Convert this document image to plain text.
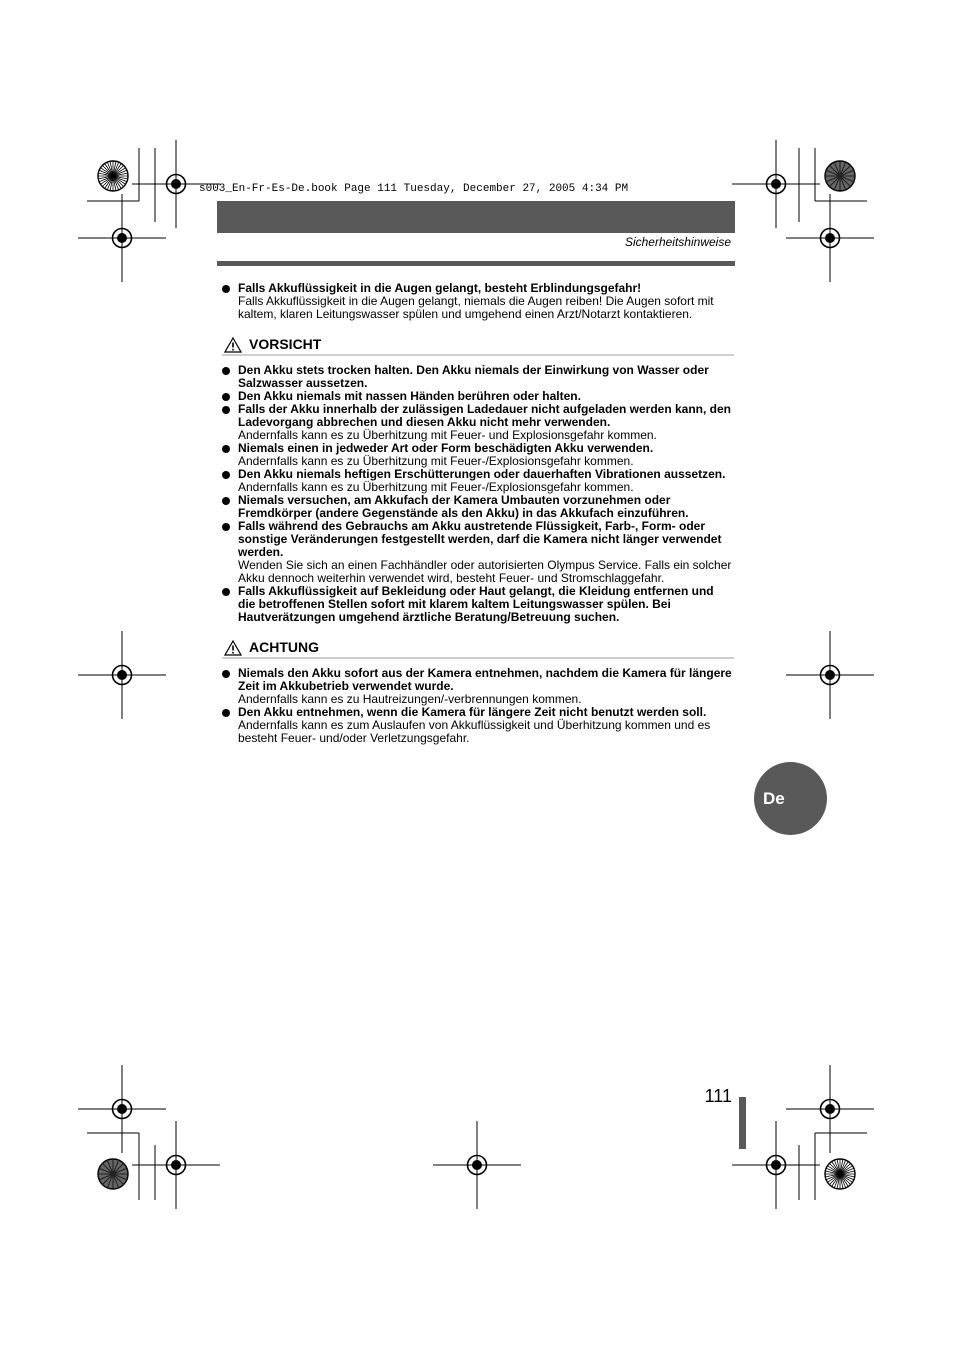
s003_En-Fr-Es-De.book Page 111 Tuesday, December 27, 2005 4:34 PM
Sicherheitshinweise
Falls Akkuflüssigkeit in die Augen gelangt, besteht Erblindungsgefahr!
Falls Akkuflüssigkeit in die Augen gelangt, niemals die Augen reiben! Die Augen sofort mit kaltem, klaren Leitungswasser spülen und umgehend einen Arzt/Notarzt kontaktieren.
VORSICHT
Den Akku stets trocken halten. Den Akku niemals der Einwirkung von Wasser oder Salzwasser aussetzen.
Den Akku niemals mit nassen Händen berühren oder halten.
Falls der Akku innerhalb der zulässigen Ladedauer nicht aufgeladen werden kann, den Ladevorgang abbrechen und diesen Akku nicht mehr verwenden.
Andernfalls kann es zu Überhitzung mit Feuer- und Explosionsgefahr kommen.
Niemals einen in jedweder Art oder Form beschädigten Akku verwenden.
Andernfalls kann es zu Überhitzung mit Feuer-/Explosionsgefahr kommen.
Den Akku niemals heftigen Erschütterungen oder dauerhaften Vibrationen aussetzen.
Andernfalls kann es zu Überhitzung mit Feuer-/Explosionsgefahr kommen.
Niemals versuchen, am Akkufach der Kamera Umbauten vorzunehmen oder Fremdkörper (andere Gegenstände als den Akku) in das Akkufach einzuführen.
Falls während des Gebrauchs am Akku austretende Flüssigkeit, Farb-, Form- oder sonstige Veränderungen festgestellt werden, darf die Kamera nicht länger verwendet werden.
Wenden Sie sich an einen Fachhändler oder autorisierten Olympus Service. Falls ein solcher Akku dennoch weiterhin verwendet wird, besteht Feuer- und Stromschlaggefahr.
Falls Akkuflüssigkeit auf Bekleidung oder Haut gelangt, die Kleidung entfernen und die betroffenen Stellen sofort mit klarem kaltem Leitungswasser spülen. Bei Hautverätzungen umgehend ärztliche Beratung/Betreuung suchen.
ACHTUNG
Niemals den Akku sofort aus der Kamera entnehmen, nachdem die Kamera für längere Zeit im Akkubetrieb verwendet wurde.
Andernfalls kann es zu Hautreizungen/-verbrennungen kommen.
Den Akku entnehmen, wenn die Kamera für längere Zeit nicht benutzt werden soll.
Andernfalls kann es zum Auslaufen von Akkuflüssigkeit und Überhitzung kommen und es besteht Feuer- und/oder Verletzungsgefahr.
De
111
